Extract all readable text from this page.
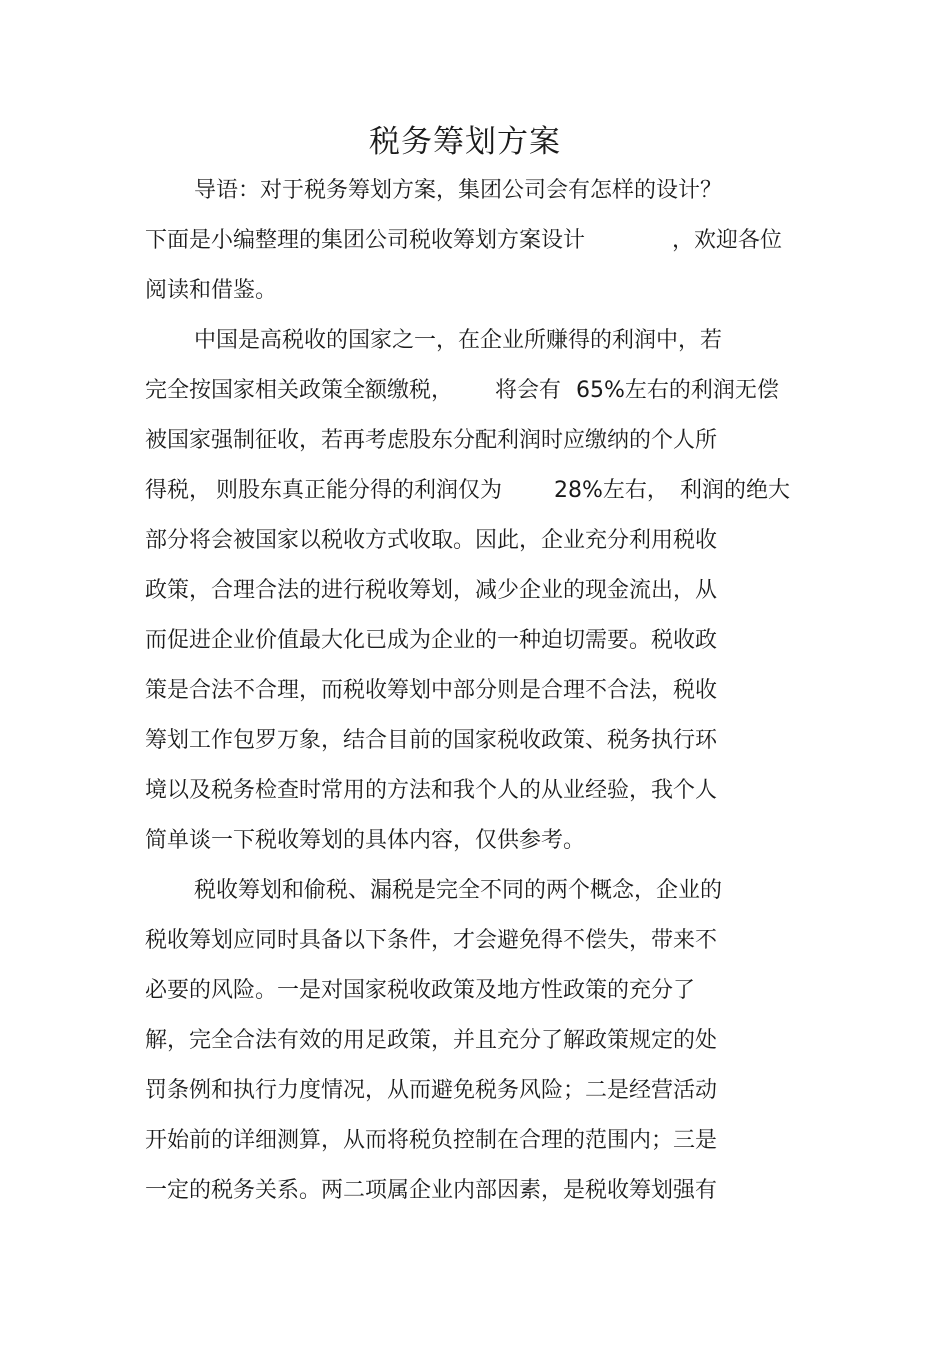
税务筹划方案
导语：对于税务筹划方案，集团公司会有怎样的设计？
下面是小编整理的集团公司税收筹划方案设计	，欢迎各位
阅读和借鉴。
中国是高税收的国家之一，在企业所赚得的利润中，若
完全按国家相关政策全额缴税， 将会有 65%左右的利润无偿
被国家强制征收，若再考虑股东分配利润时应缴纳的个人所
得税， 则股东真正能分得的利润仅为 28%左右， 利润的绝大
部分将会被国家以税收方式收取。因此，企业充分利用税收
政策，合理合法的进行税收筹划，减少企业的现金流出，从
而促进企业价值最大化已成为企业的一种迫切需要。税收政
策是合法不合理，而税收筹划中部分则是合理不合法，税收
筹划工作包罗万象，结合目前的国家税收政策、税务执行环
境以及税务检查时常用的方法和我个人的从业经验，我个人
简单谈一下税收筹划的具体内容，仅供参考。
税收筹划和偷税、漏税是完全不同的两个概念，企业的
税收筹划应同时具备以下条件，才会避免得不偿失，带来不
必要的风险。一是对国家税收政策及地方性政策的充分了
解，完全合法有效的用足政策，并且充分了解政策规定的处
罚条例和执行力度情况，从而避免税务风险；二是经营活动
开始前的详细测算，从而将税负控制在合理的范围内；三是
一定的税务关系。两二项属企业内部因素，是税收筹划强有
